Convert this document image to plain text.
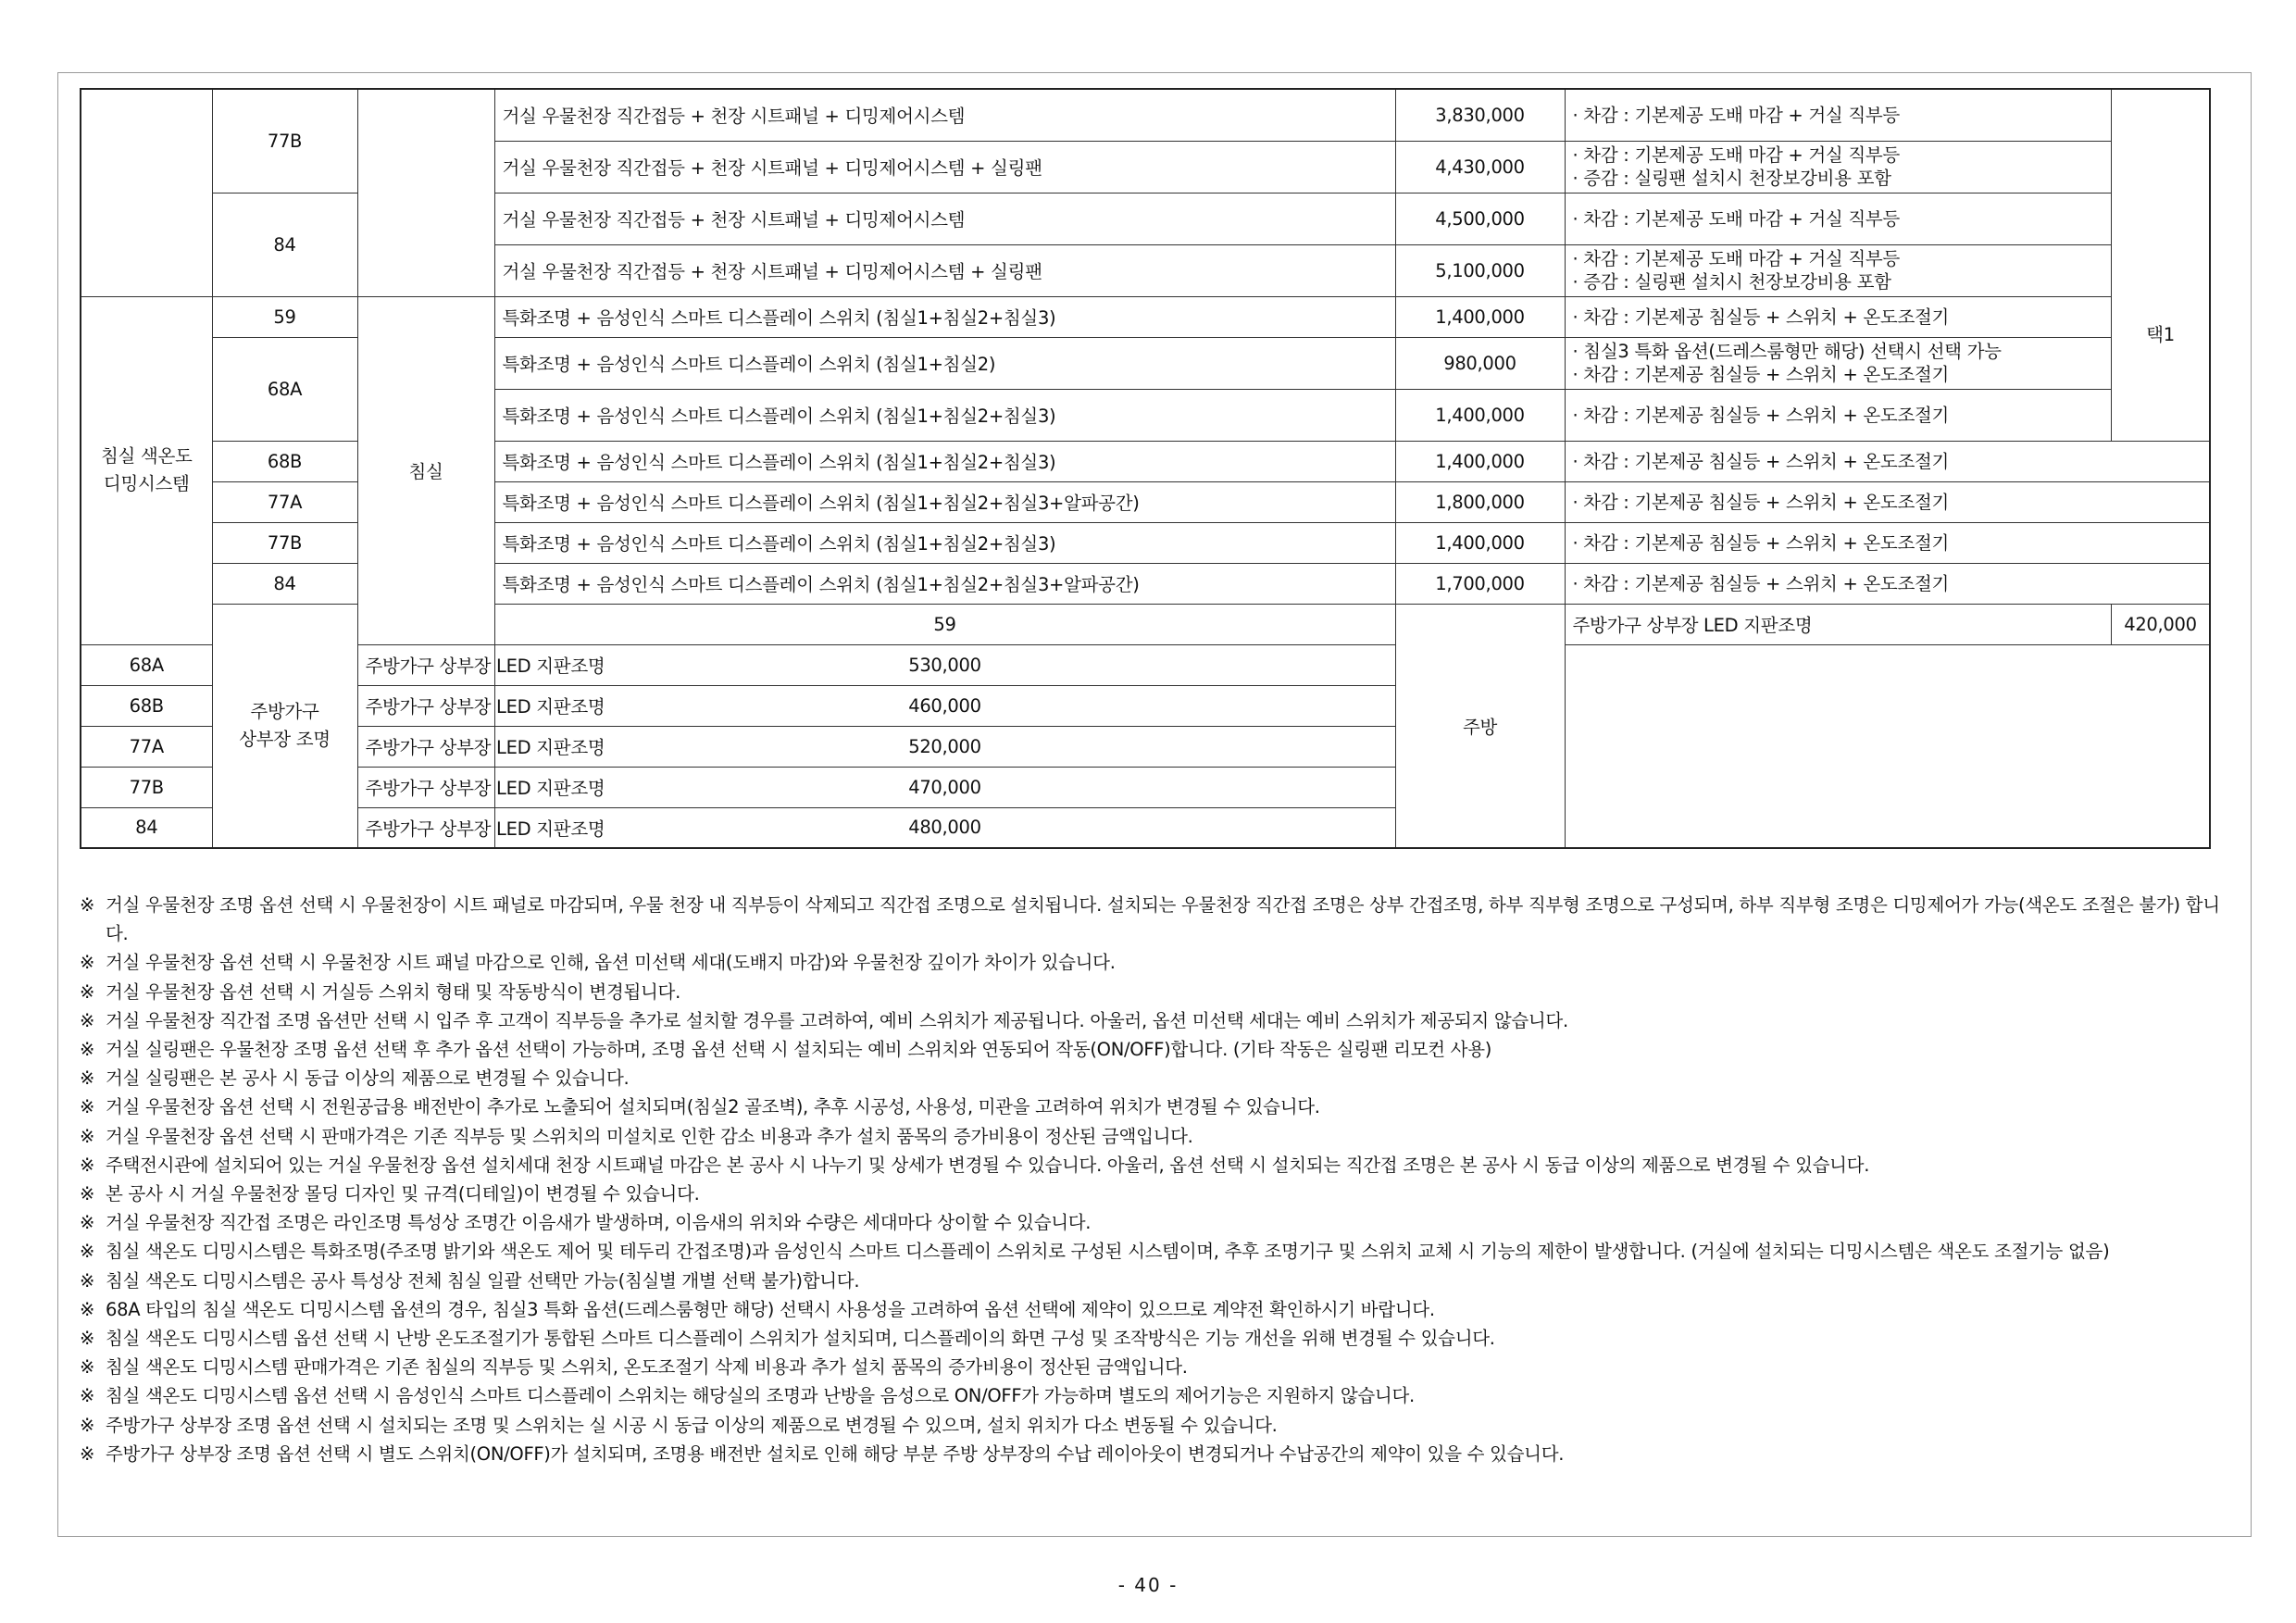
	77B		거실 우물천장 직간접등 + 천장 시트패널 + 디밍제어시스템	3,830,000	· 차감 : 기본제공 도배 마감 + 거실 직부등	택1	
			거실 우물천장 직간접등 + 천장 시트패널 + 디밍제어시스템 + 실링팬	4,430,000	· 차감 : 기본제공 도배 마감 + 거실 직부등
· 증감 : 실링팬 설치시 천장보강비용 포함		

	84		거실 우물천장 직간접등 + 천장 시트패널 + 디밍제어시스템	4,500,000	· 차감 : 기본제공 도배 마감 + 거실 직부등		

			거실 우물천장 직간접등 + 천장 시트패널 + 디밍제어시스템 + 실링팬	5,100,000	· 차감 : 기본제공 도배 마감 + 거실 직부등
· 증감 : 실링팬 설치시 천장보강비용 포함		

침실 색온도
디밍시스템	59	침실	특화조명 + 음성인식 스마트 디스플레이 스위치 (침실1+침실2+침실3)	1,400,000	· 차감 : 기본제공 침실등 + 스위치 + 온도조절기		

	68A		특화조명 + 음성인식 스마트 디스플레이 스위치 (침실1+침실2)	980,000	· 침실3 특화 옵션(드레스룸형만 해당) 선택시 선택 가능
· 차감 : 기본제공 침실등 + 스위치 + 온도조절기		

			특화조명 + 음성인식 스마트 디스플레이 스위치 (침실1+침실2+침실3)	1,400,000	· 차감 : 기본제공 침실등 + 스위치 + 온도조절기		

	68B		특화조명 + 음성인식 스마트 디스플레이 스위치 (침실1+침실2+침실3)	1,400,000	· 차감 : 기본제공 침실등 + 스위치 + 온도조절기		

	77A		특화조명 + 음성인식 스마트 디스플레이 스위치 (침실1+침실2+침실3+알파공간)	1,800,000	· 차감 : 기본제공 침실등 + 스위치 + 온도조절기		

	77B		특화조명 + 음성인식 스마트 디스플레이 스위치 (침실1+침실2+침실3)	1,400,000	· 차감 : 기본제공 침실등 + 스위치 + 온도조절기		

	84		특화조명 + 음성인식 스마트 디스플레이 스위치 (침실1+침실2+침실3+알파공간)	1,700,000	· 차감 : 기본제공 침실등 + 스위치 + 온도조절기		

	주방가구
상부장 조명		59	주방	주방가구 상부장 LED 지판조명	420,000	
68A		주방가구 상부장 LED 지판조명	530,000				
68B		주방가구 상부장 LED 지판조명	460,000				
77A		주방가구 상부장 LED 지판조명	520,000				
77B		주방가구 상부장 LED 지판조명	470,000				
84		주방가구 상부장 LED 지판조명	480,000				
※ 거실 우물천장 조명 옵션 선택 시 우물천장이 시트 패널로 마감되며, 우물 천장 내 직부등이 삭제되고 직간접 조명으로 설치됩니다. 설치되는 우물천장 직간접 조명은 상부 간접조명, 하부 직부형 조명으로 구성되며, 하부 직부형 조명은 디밍제어가 가능(색온도 조절은 불가) 합니다.
※ 거실 우물천장 옵션 선택 시 우물천장 시트 패널 마감으로 인해, 옵션 미선택 세대(도배지 마감)와 우물천장 깊이가 차이가 있습니다.
※ 거실 우물천장 옵션 선택 시 거실등 스위치 형태 및 작동방식이 변경됩니다.
※ 거실 우물천장 직간접 조명 옵션만 선택 시 입주 후 고객이 직부등을 추가로 설치할 경우를 고려하여, 예비 스위치가 제공됩니다. 아울러, 옵션 미선택 세대는 예비 스위치가 제공되지 않습니다.
※ 거실 실링팬은 우물천장 조명 옵션 선택 후 추가 옵션 선택이 가능하며, 조명 옵션 선택 시 설치되는 예비 스위치와 연동되어 작동(ON/OFF)합니다. (기타 작동은 실링팬 리모컨 사용)
※ 거실 실링팬은 본 공사 시 동급 이상의 제품으로 변경될 수 있습니다.
※ 거실 우물천장 옵션 선택 시 전원공급용 배전반이 추가로 노출되어 설치되며(침실2 골조벽), 추후 시공성, 사용성, 미관을 고려하여 위치가 변경될 수 있습니다.
※ 거실 우물천장 옵션 선택 시 판매가격은 기존 직부등 및 스위치의 미설치로 인한 감소 비용과 추가 설치 품목의 증가비용이 정산된 금액입니다.
※ 주택전시관에 설치되어 있는 거실 우물천장 옵션 설치세대 천장 시트패널 마감은 본 공사 시 나누기 및 상세가 변경될 수 있습니다. 아울러, 옵션 선택 시 설치되는 직간접 조명은 본 공사 시 동급 이상의 제품으로 변경될 수 있습니다.
※ 본 공사 시 거실 우물천장 몰딩 디자인 및 규격(디테일)이 변경될 수 있습니다.
※ 거실 우물천장 직간접 조명은 라인조명 특성상 조명간 이음새가 발생하며, 이음새의 위치와 수량은 세대마다 상이할 수 있습니다.
※ 침실 색온도 디밍시스템은 특화조명(주조명 밝기와 색온도 제어 및 테두리 간접조명)과 음성인식 스마트 디스플레이 스위치로 구성된 시스템이며, 추후 조명기구 및 스위치 교체 시 기능의 제한이 발생합니다. (거실에 설치되는 디밍시스템은 색온도 조절기능 없음)
※ 침실 색온도 디밍시스템은 공사 특성상 전체 침실 일괄 선택만 가능(침실별 개별 선택 불가)합니다.
※ 68A 타입의 침실 색온도 디밍시스템 옵션의 경우, 침실3 특화 옵션(드레스룸형만 해당) 선택시 사용성을 고려하여 옵션 선택에 제약이 있으므로 계약전 확인하시기 바랍니다.
※ 침실 색온도 디밍시스템 옵션 선택 시 난방 온도조절기가 통합된 스마트 디스플레이 스위치가 설치되며, 디스플레이의 화면 구성 및 조작방식은 기능 개선을 위해 변경될 수 있습니다.
※ 침실 색온도 디밍시스템 판매가격은 기존 침실의 직부등 및 스위치, 온도조절기 삭제 비용과 추가 설치 품목의 증가비용이 정산된 금액입니다.
※ 침실 색온도 디밍시스템 옵션 선택 시 음성인식 스마트 디스플레이 스위치는 해당실의 조명과 난방을 음성으로 ON/OFF가 가능하며 별도의 제어기능은 지원하지 않습니다.
※ 주방가구 상부장 조명 옵션 선택 시 설치되는 조명 및 스위치는 실 시공 시 동급 이상의 제품으로 변경될 수 있으며, 설치 위치가 다소 변동될 수 있습니다.
※ 주방가구 상부장 조명 옵션 선택 시 별도 스위치(ON/OFF)가 설치되며, 조명용 배전반 설치로 인해 해당 부분 주방 상부장의 수납 레이아웃이 변경되거나 수납공간의 제약이 있을 수 있습니다.
- 40 -
